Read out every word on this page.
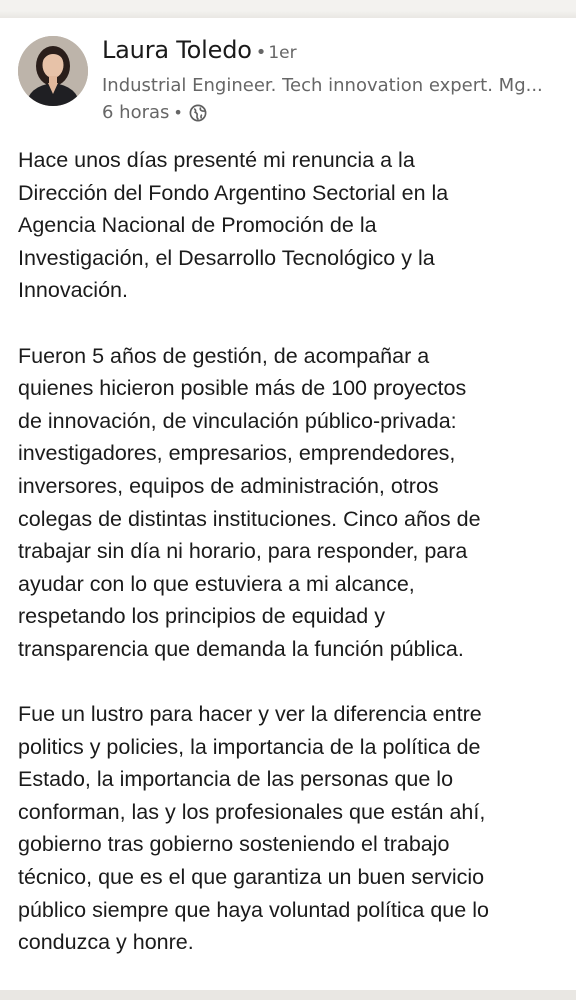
Laura Toledo • 1er
Industrial Engineer. Tech innovation expert. Mg...
6 horas •

Hace unos días presenté mi renuncia a la
Dirección del Fondo Argentino Sectorial en la
Agencia Nacional de Promoción de la
Investigación, el Desarrollo Tecnológico y la
Innovación.

Fueron 5 años de gestión, de acompañar a
quienes hicieron posible más de 100 proyectos
de innovación, de vinculación público-privada:
investigadores, empresarios, emprendedores,
inversores, equipos de administración, otros
colegas de distintas instituciones. Cinco años de
trabajar sin día ni horario, para responder, para
ayudar con lo que estuviera a mi alcance,
respetando los principios de equidad y
transparencia que demanda la función pública.

Fue un lustro para hacer y ver la diferencia entre
politics y policies, la importancia de la política de
Estado, la importancia de las personas que lo
conforman, las y los profesionales que están ahí,
gobierno tras gobierno sosteniendo el trabajo
técnico, que es el que garantiza un buen servicio
público siempre que haya voluntad política que lo
conduzca y honre.
